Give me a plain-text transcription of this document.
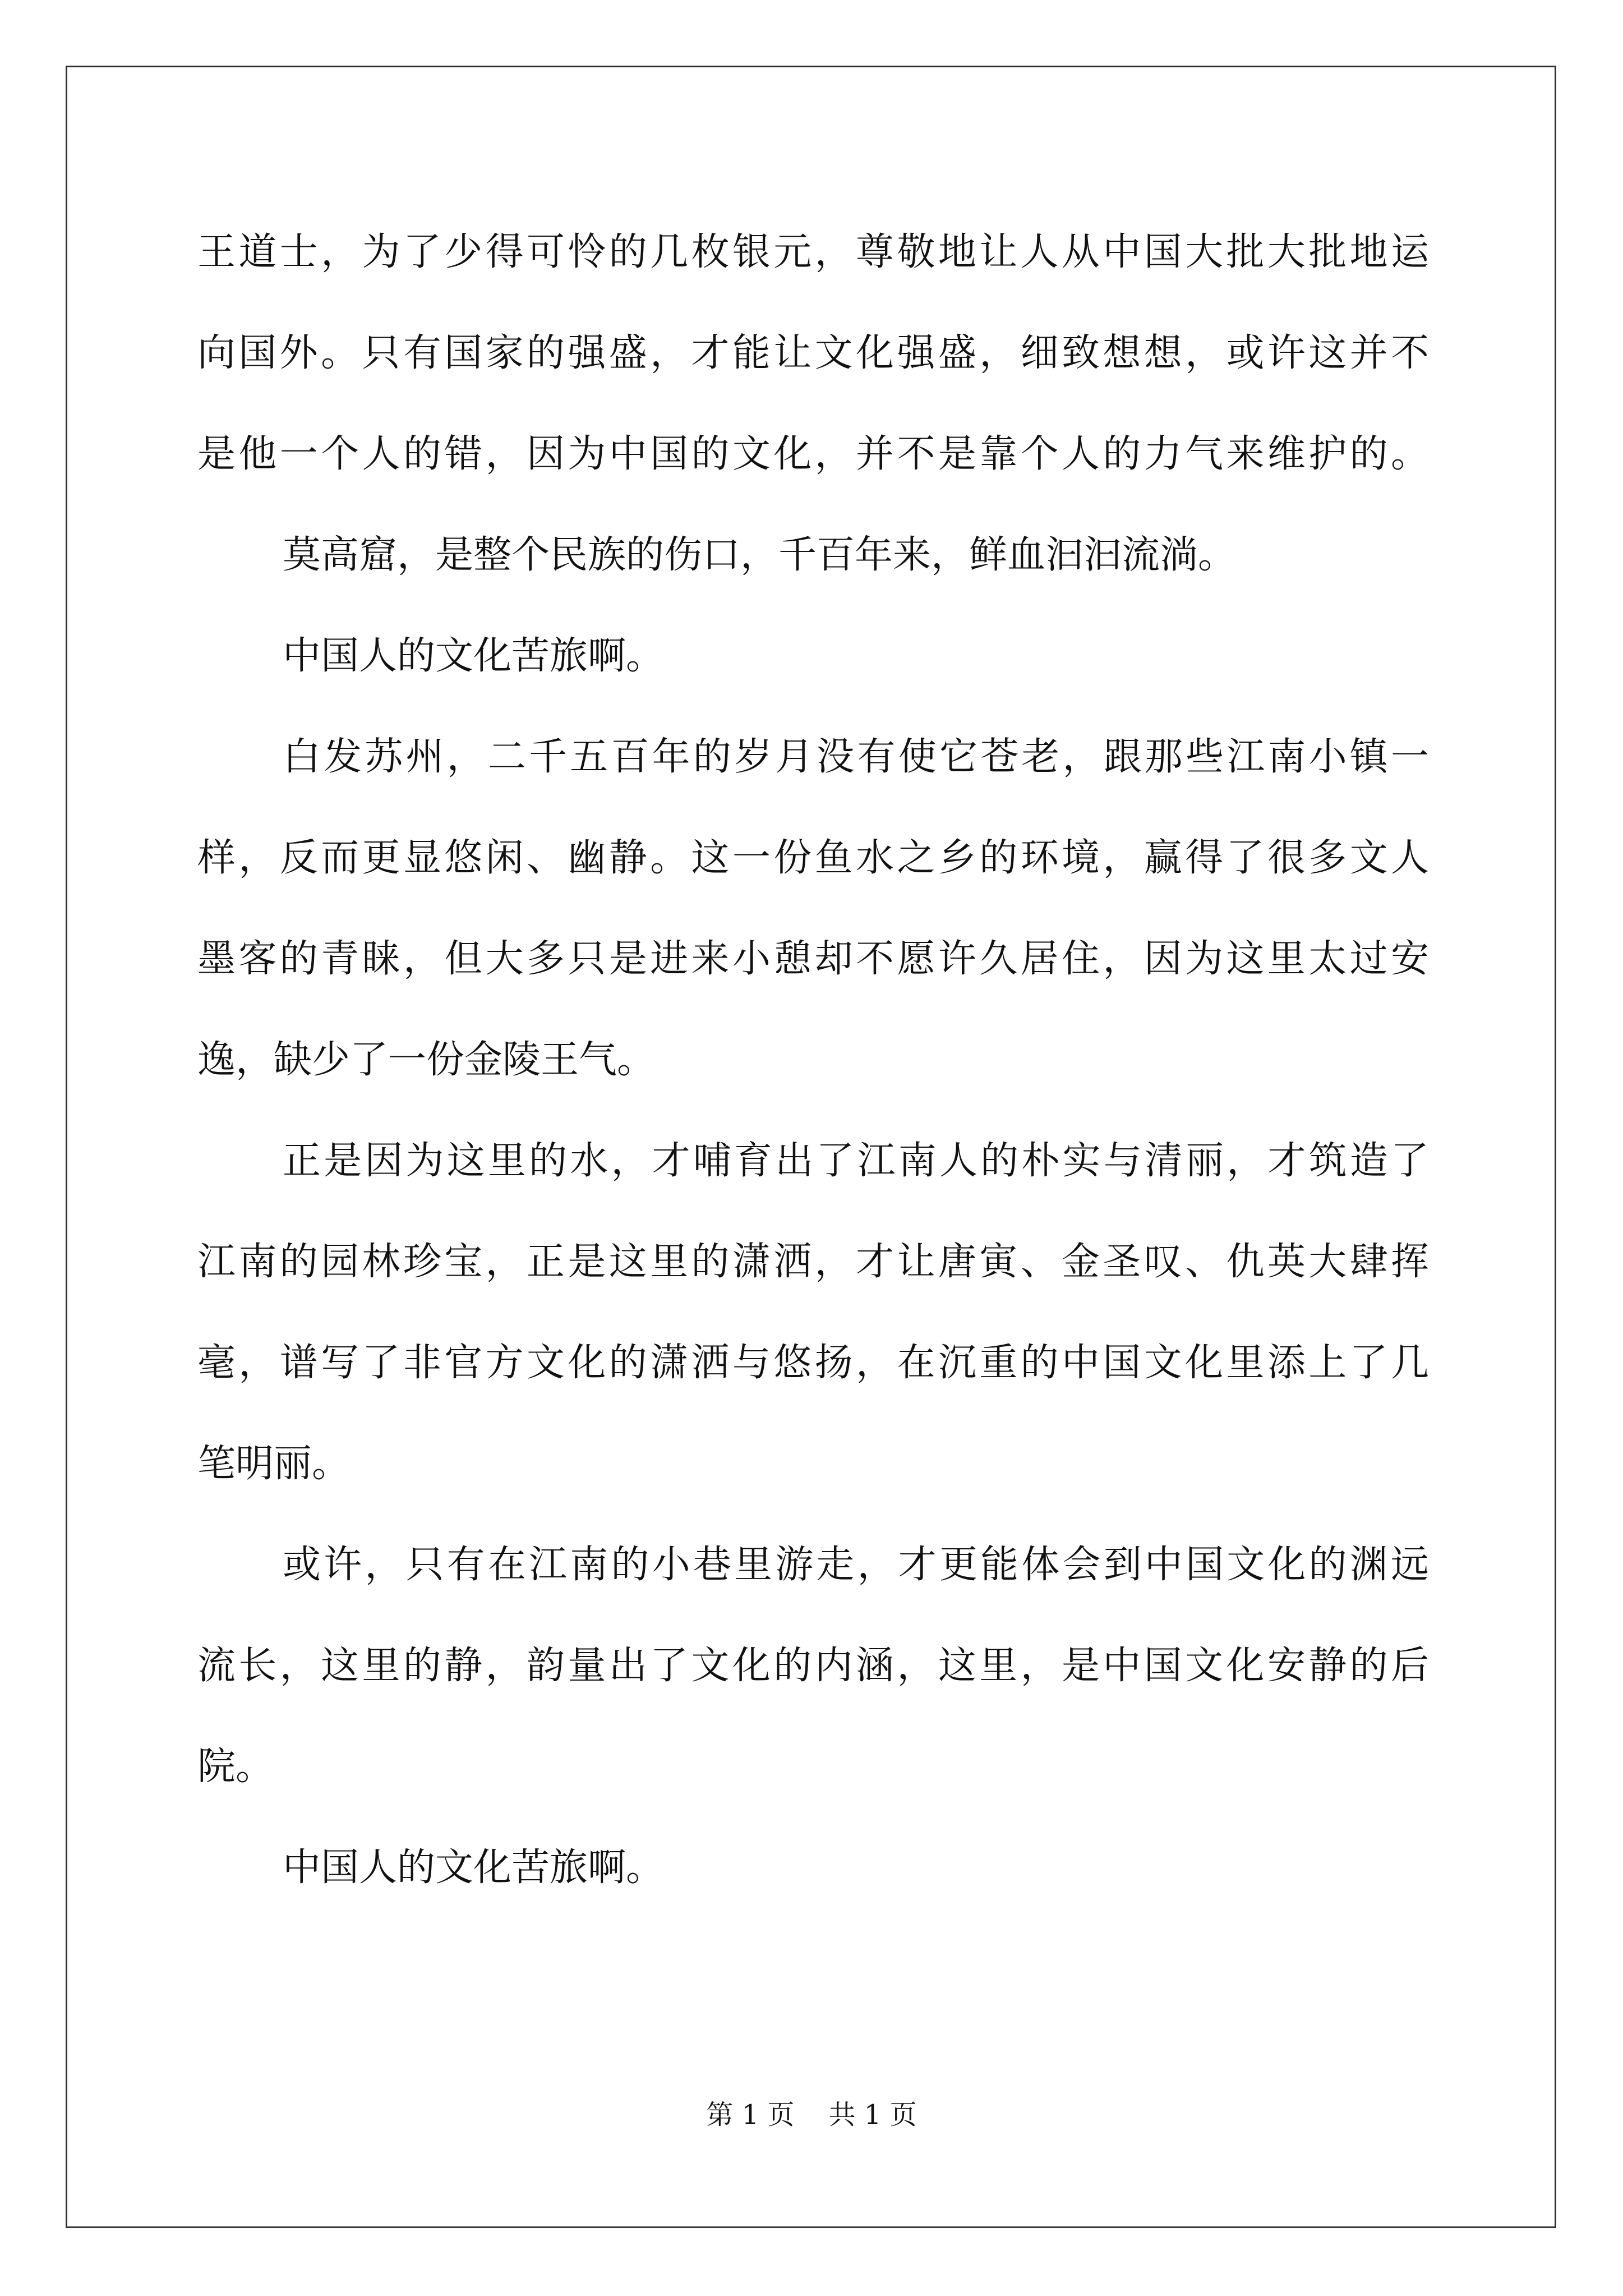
王道士，为了少得可怜的几枚银元，尊敬地让人从中国大批大批地运
向国外。只有国家的强盛，才能让文化强盛，细致想想，或许这并不
是他一个人的错，因为中国的文化，并不是靠个人的力气来维护的。
莫高窟，是整个民族的伤口，千百年来，鲜血汩汩流淌。
中国人的文化苦旅啊。
白发苏州，二千五百年的岁月没有使它苍老，跟那些江南小镇一
样，反而更显悠闲、幽静。这一份鱼水之乡的环境，赢得了很多文人
墨客的青睐，但大多只是进来小憩却不愿许久居住，因为这里太过安
逸，缺少了一份金陵王气。
正是因为这里的水，才哺育出了江南人的朴实与清丽，才筑造了
江南的园林珍宝，正是这里的潇洒，才让唐寅、金圣叹、仇英大肆挥
毫，谱写了非官方文化的潇洒与悠扬，在沉重的中国文化里添上了几
笔明丽。
或许，只有在江南的小巷里游走，才更能体会到中国文化的渊远
流长，这里的静，韵量出了文化的内涵，这里，是中国文化安静的后
院。
中国人的文化苦旅啊。
第 1 页    共 1 页
